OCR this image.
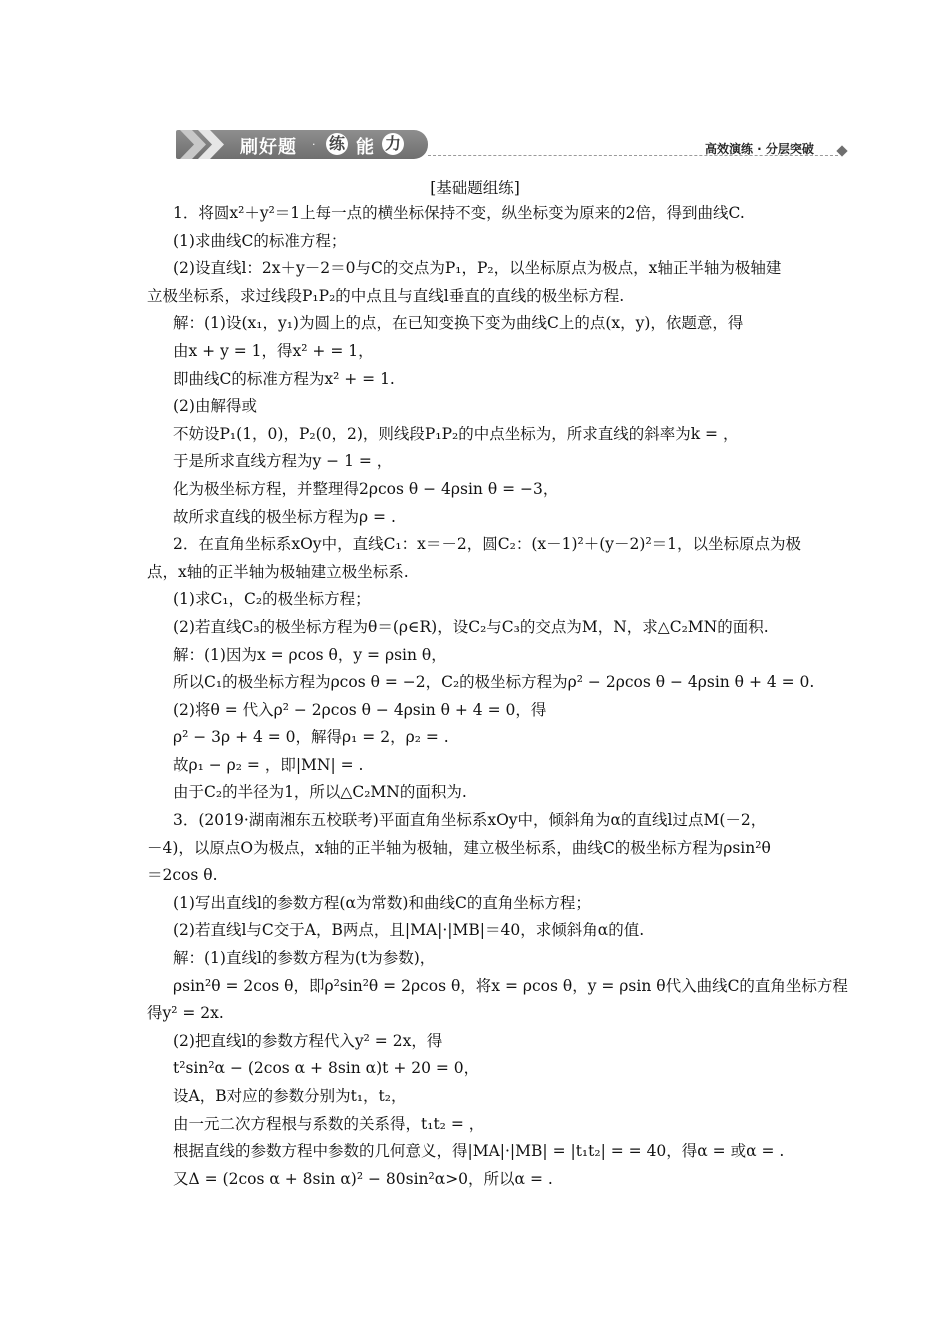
刷好题 · 练 能 力	高效演练 · 分层突破
[基础题组练]
1．将圆x²＋y²＝1上每一点的横坐标保持不变，纵坐标变为原来的2倍，得到曲线C.
(1)求曲线C的标准方程；
(2)设直线l：2x＋y－2＝0与C的交点为P₁，P₂，以坐标原点为极点，x轴正半轴为极轴建
立极坐标系，求过线段P₁P₂的中点且与直线l垂直的直线的极坐标方程.
解：(1)设(x₁，y₁)为圆上的点，在已知变换下变为曲线C上的点(x，y)，依题意，得
由x + y = 1，得x² + = 1，
即曲线C的标准方程为x² + = 1.
(2)由解得或
不妨设P₁(1，0)，P₂(0，2)，则线段P₁P₂的中点坐标为，所求直线的斜率为k = ，
于是所求直线方程为y − 1 = ，
化为极坐标方程，并整理得2ρcos θ − 4ρsin θ = −3，
故所求直线的极坐标方程为ρ = .
2．在直角坐标系xOy中，直线C₁：x＝－2，圆C₂：(x－1)²＋(y－2)²＝1，以坐标原点为极
点，x轴的正半轴为极轴建立极坐标系.
(1)求C₁，C₂的极坐标方程；
(2)若直线C₃的极坐标方程为θ＝(ρ∈R)，设C₂与C₃的交点为M，N，求△C₂MN的面积.
解：(1)因为x = ρcos θ，y = ρsin θ，
所以C₁的极坐标方程为ρcos θ = −2，C₂的极坐标方程为ρ² − 2ρcos θ − 4ρsin θ + 4 = 0.
(2)将θ = 代入ρ² − 2ρcos θ − 4ρsin θ + 4 = 0，得
ρ² − 3ρ + 4 = 0，解得ρ₁ = 2，ρ₂ = .
故ρ₁ − ρ₂ = ，即|MN| = .
由于C₂的半径为1，所以△C₂MN的面积为.
3．(2019·湖南湘东五校联考)平面直角坐标系xOy中，倾斜角为α的直线l过点M(－2，
－4)，以原点O为极点，x轴的正半轴为极轴，建立极坐标系，曲线C的极坐标方程为ρsin²θ
＝2cos θ.
(1)写出直线l的参数方程(α为常数)和曲线C的直角坐标方程；
(2)若直线l与C交于A，B两点，且|MA|·|MB|＝40，求倾斜角α的值.
解：(1)直线l的参数方程为(t为参数)，
ρsin²θ = 2cos θ，即ρ²sin²θ = 2ρcos θ，将x = ρcos θ，y = ρsin θ代入曲线C的直角坐标方程
得y² = 2x.
(2)把直线l的参数方程代入y² = 2x，得
t²sin²α − (2cos α + 8sin α)t + 20 = 0，
设A，B对应的参数分别为t₁，t₂，
由一元二次方程根与系数的关系得，t₁t₂ = ，
根据直线的参数方程中参数的几何意义，得|MA|·|MB| = |t₁t₂| = = 40，得α = 或α = .
又Δ = (2cos α + 8sin α)² − 80sin²α>0，所以α = .
